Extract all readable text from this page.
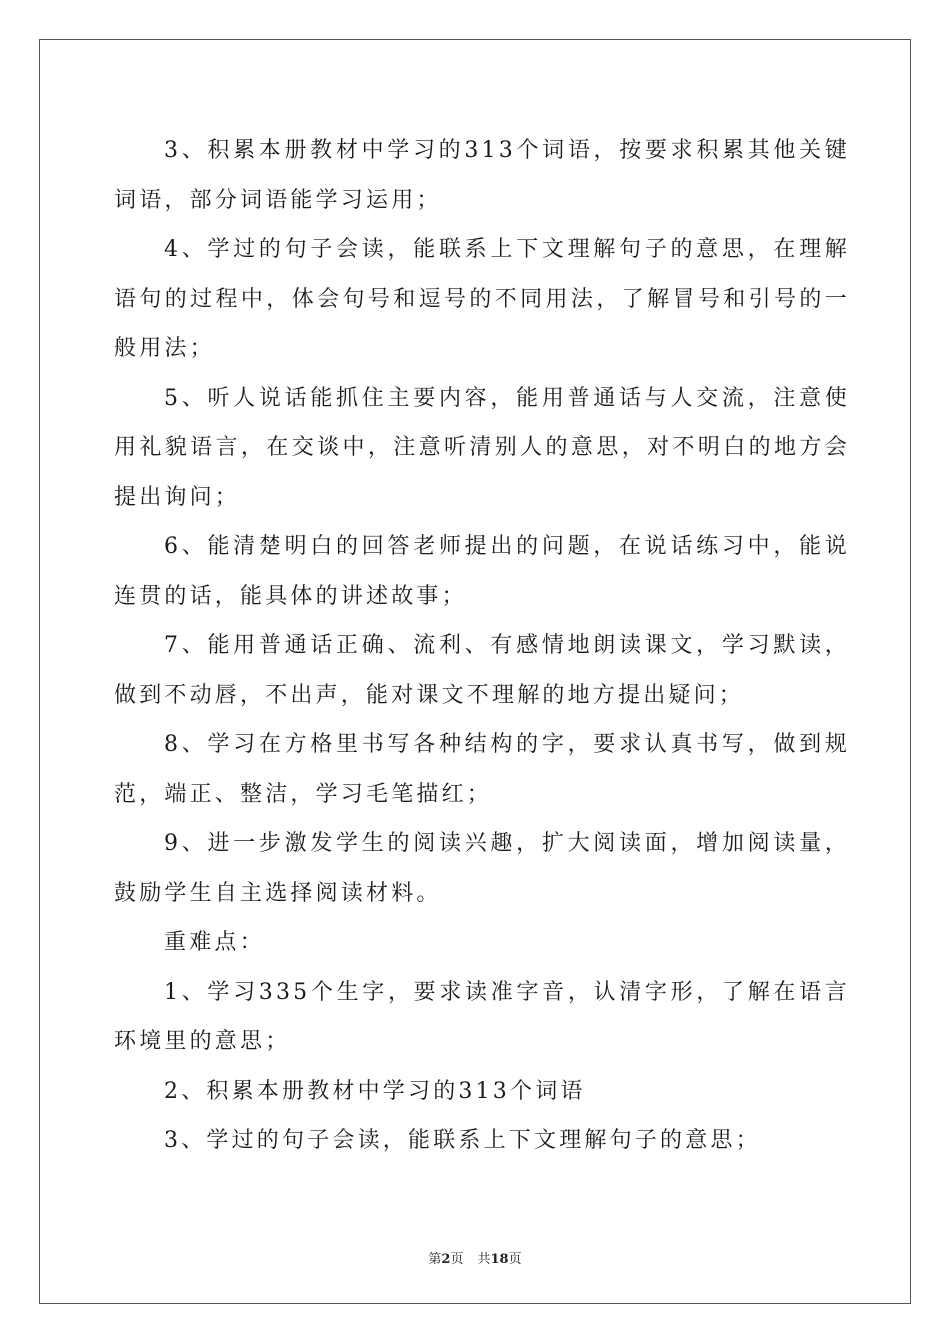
3、积累本册教材中学习的313个词语，按要求积累其他关键词语，部分词语能学习运用；

4、学过的句子会读，能联系上下文理解句子的意思，在理解语句的过程中，体会句号和逗号的不同用法，了解冒号和引号的一般用法；

5、听人说话能抓住主要内容，能用普通话与人交流，注意使用礼貌语言，在交谈中，注意听清别人的意思，对不明白的地方会提出询问；

6、能清楚明白的回答老师提出的问题，在说话练习中，能说连贯的话，能具体的讲述故事；

7、能用普通话正确、流利、有感情地朗读课文，学习默读，做到不动唇，不出声，能对课文不理解的地方提出疑问；

8、学习在方格里书写各种结构的字，要求认真书写，做到规范，端正、整洁，学习毛笔描红；

9、进一步激发学生的阅读兴趣，扩大阅读面，增加阅读量，鼓励学生自主选择阅读材料。

重难点：

1、学习335个生字，要求读准字音，认清字形，了解在语言环境里的意思；

2、积累本册教材中学习的313个词语

3、学过的句子会读，能联系上下文理解句子的意思；

第2页 共18页
